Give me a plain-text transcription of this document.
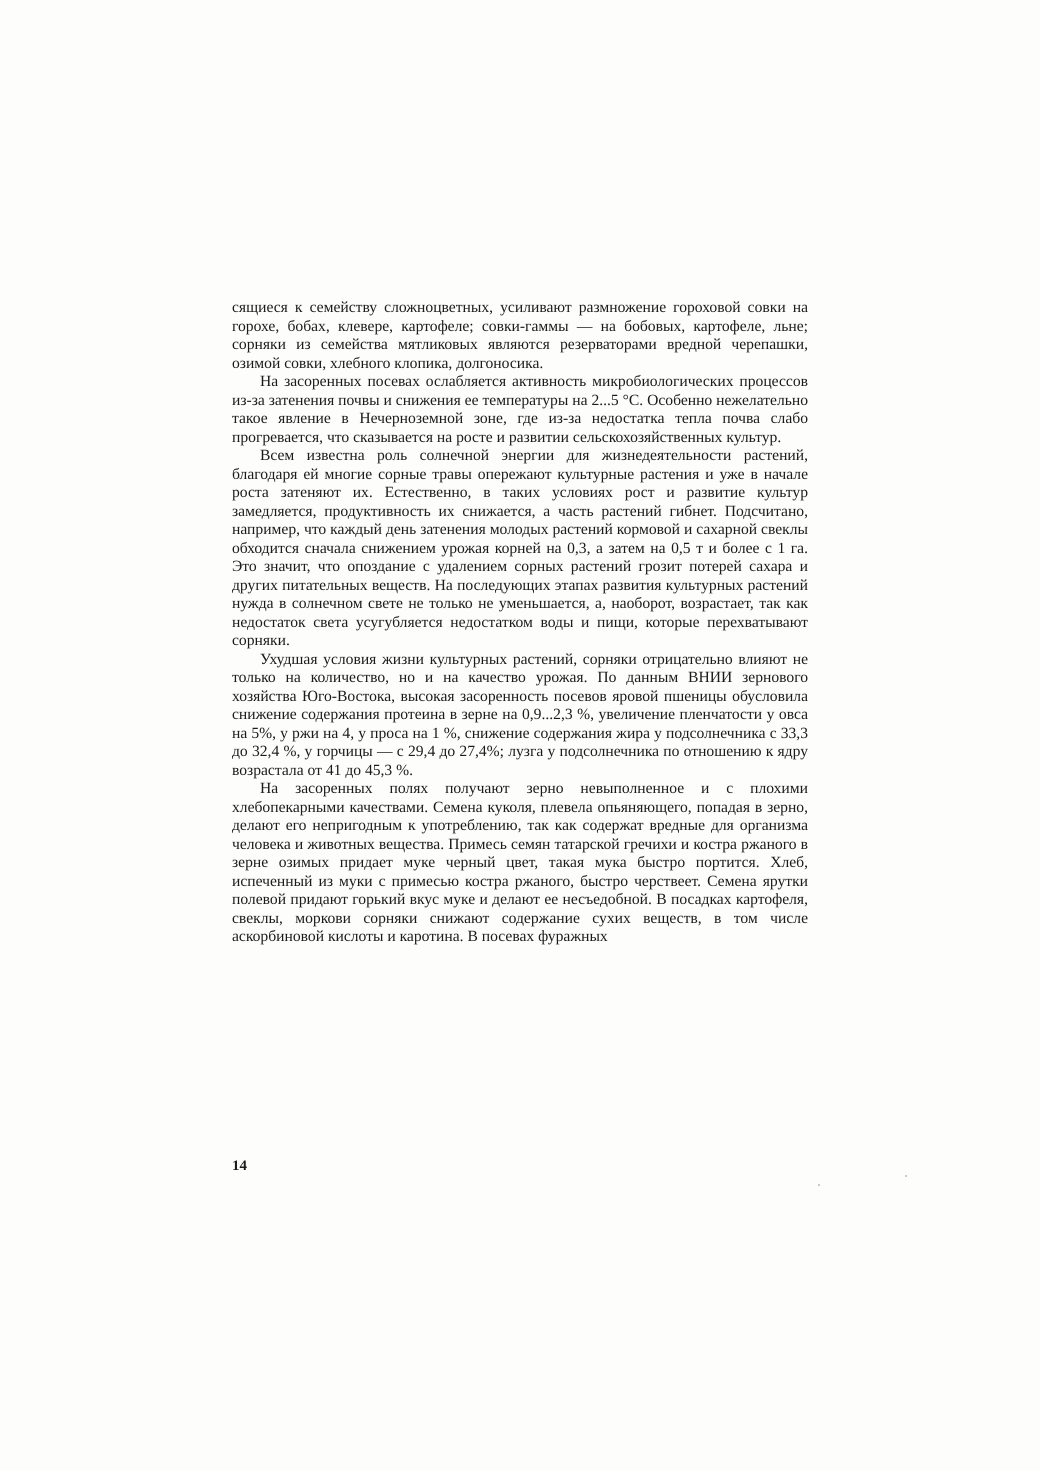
сящиеся к семейству сложноцветных, усиливают размножение гороховой совки на горохе, бобах, клевере, картофеле; совки-гаммы — на бобовых, картофеле, льне; сорняки из семейства мятликовых являются резерваторами вредной черепашки, озимой совки, хлебного клопика, долгоносика.

На засоренных посевах ослабляется активность микробиологических процессов из-за затенения почвы и снижения ее температуры на 2...5 °С. Особенно нежелательно такое явление в Нечерноземной зоне, где из-за недостатка тепла почва слабо прогревается, что сказывается на росте и развитии сельскохозяйственных культур.

Всем известна роль солнечной энергии для жизнедеятельности растений, благодаря ей многие сорные травы опережают культурные растения и уже в начале роста затеняют их. Естественно, в таких условиях рост и развитие культур замедляется, продуктивность их снижается, а часть растений гибнет. Подсчитано, например, что каждый день затенения молодых растений кормовой и сахарной свеклы обходится сначала снижением урожая корней на 0,3, а затем на 0,5 т и более с 1 га. Это значит, что опоздание с удалением сорных растений грозит потерей сахара и других питательных веществ. На последующих этапах развития культурных растений нужда в солнечном свете не только не уменьшается, а, наоборот, возрастает, так как недостаток света усугубляется недостатком воды и пищи, которые перехватывают сорняки.

Ухудшая условия жизни культурных растений, сорняки отрицательно влияют не только на количество, но и на качество урожая. По данным ВНИИ зернового хозяйства Юго-Востока, высокая засоренность посевов яровой пшеницы обусловила снижение содержания протеина в зерне на 0,9...2,3 %, увеличение пленчатости у овса на 5%, у ржи на 4, у проса на 1 %, снижение содержания жира у подсолнечника с 33,3 до 32,4 %, у горчицы — с 29,4 до 27,4%; лузга у подсолнечника по отношению к ядру возрастала от 41 до 45,3 %.

На засоренных полях получают зерно невыполненное и с плохими хлебопекарными качествами. Семена куколя, плевела опьяняющего, попадая в зерно, делают его непригодным к употреблению, так как содержат вредные для организма человека и животных вещества. Примесь семян татарской гречихи и костра ржаного в зерне озимых придает муке черный цвет, такая мука быстро портится. Хлеб, испеченный из муки с примесью костра ржаного, быстро черствеет. Семена ярутки полевой придают горький вкус муке и делают ее несъедобной. В посадках картофеля, свеклы, моркови сорняки снижают содержание сухих веществ, в том числе аскорбиновой кислоты и каротина. В посевах фуражных

14
